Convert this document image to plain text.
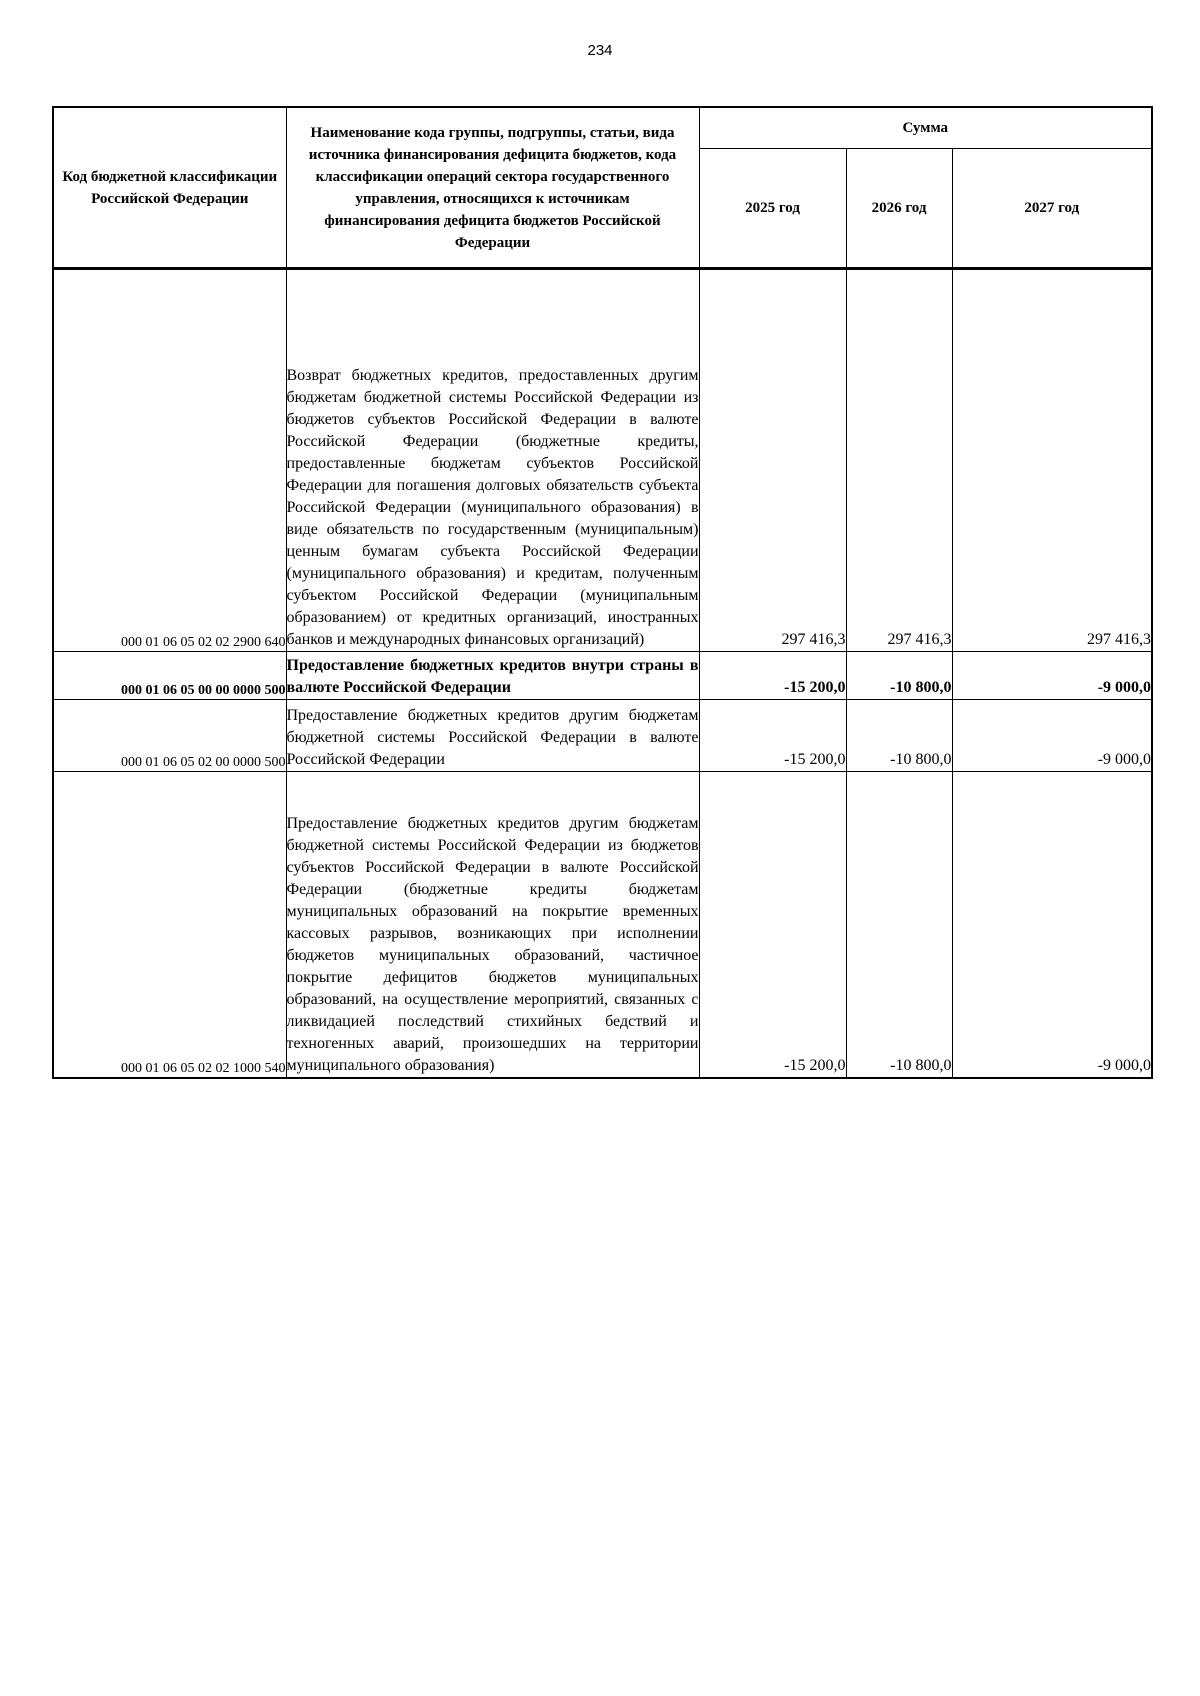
234
Код бюджетной классификации Российской Федерации	Наименование кода группы, подгруппы, статьи, вида источника финансирования дефицита бюджетов, кода классификации операций сектора государственного управления, относящихся к источникам финансирования дефицита бюджетов Российской Федерации	Сумма		
		2025 год	2026 год	2027 год
000 01 06 05 02 02 2900 640	Возврат бюджетных кредитов, предоставленных другим бюджетам бюджетной системы Российской Федерации из бюджетов субъектов Российской Федерации в валюте Российской Федерации (бюджетные кредиты, предоставленные бюджетам субъектов Российской Федерации для погашения долговых обязательств субъекта Российской Федерации (муниципального образования) в виде обязательств по государственным (муниципальным) ценным бумагам субъекта Российской Федерации (муниципального образования) и кредитам, полученным субъектом Российской Федерации (муниципальным образованием) от кредитных организаций, иностранных банков и международных финансовых организаций)	297 416,3	297 416,3	297 416,3
000 01 06 05 00 00 0000 500	Предоставление бюджетных кредитов внутри страны в валюте Российской Федерации	-15 200,0	-10 800,0	-9 000,0
000 01 06 05 02 00 0000 500	Предоставление бюджетных кредитов другим бюджетам бюджетной системы Российской Федерации в валюте Российской Федерации	-15 200,0	-10 800,0	-9 000,0
000 01 06 05 02 02 1000 540	Предоставление бюджетных кредитов другим бюджетам бюджетной системы Российской Федерации из бюджетов субъектов Российской Федерации в валюте Российской Федерации (бюджетные кредиты бюджетам муниципальных образований на покрытие временных кассовых разрывов, возникающих при исполнении бюджетов муниципальных образований, частичное покрытие дефицитов бюджетов муниципальных образований, на осуществление мероприятий, связанных с ликвидацией последствий стихийных бедствий и техногенных аварий, произошедших на территории муниципального образования)	-15 200,0	-10 800,0	-9 000,0
